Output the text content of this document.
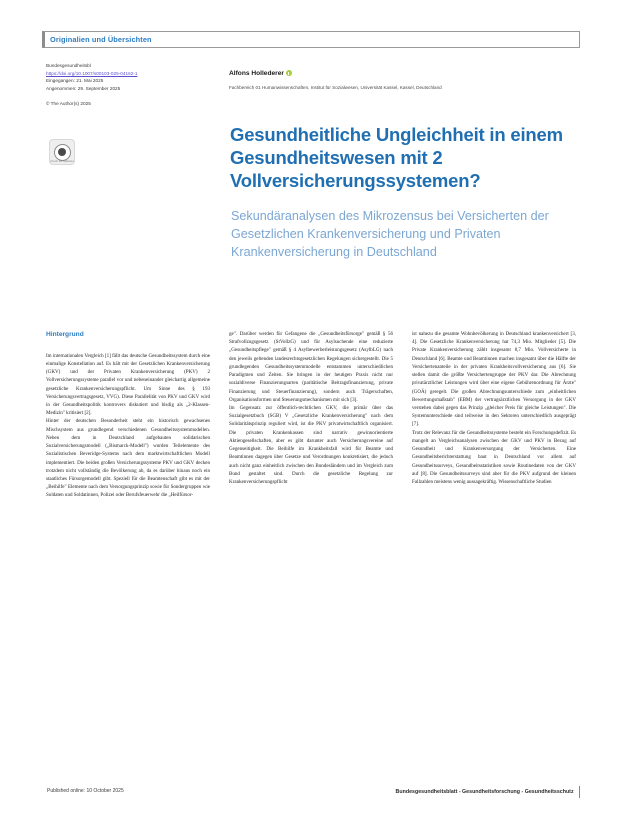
Originalien und Übersichten
Bundesgesundheitsbl
https://doi.org/10.1007/s00103-025-04162-1
Eingegangen: 21. Mai 2025
Angenommen: 29. September 2025
© The Author(s) 2025
check for updates
Alfons Hollederer
Fachbereich 01 Humanwissenschaften, Institut für Sozialwesen, Universität Kassel, Kassel, Deutschland
Gesundheitliche Ungleichheit in einem Gesundheitswesen mit 2 Vollversicherungssystemen?
Sekundäranalysen des Mikrozensus bei Versicherten der Gesetzlichen Krankenversicherung und Privaten Krankenversicherung in Deutschland
Hintergrund

Im internationalen Vergleich [1] fällt das deutsche Gesundheitssystem durch eine einmalige Konstellation auf. Es hält mit der Gesetzlichen Krankenversicherung (GKV) und der Privaten Krankenversicherung (PKV) 2 Vollversicherungssysteme parallel vor und nebeneinander gleichartig allgemeine gesetzliche Krankenversicherungspflicht. Um Sinne des § 193 Versicherungsvertragsgesetz, VVG). Diese Parallelität von PKV und GKV wird in der Gesundheitspolitik kontrovers diskutiert und bisdig als „2-Klassen-Medizin" kritisiert [2].

Hinter der deutschen Besonderheit steht ein historisch gewachsenes Mischsystem aus grundlegend verschiedenen Gesundheitssystemmodellen. Neben dem in Deutschland aufgebauten solidarischen Sozialversicherungsmodell („Bismarck-Modell") wurden Teilelemente des Sozialistischen Beveridge-Systems nach dem marktwirtschaftlichen Modell implementiert. Die beiden großen Versicherungssysteme PKV und GKV decken trotzdem nicht vollständig die Bevölkerung ab, da es darüber hinaus noch ein staatliches Fürsorgemodell gibt. Speziell für die Beamtenschaft gibt es mit der „Beihilfe" Elemente nach dem Versorgungsprinzip sowie für Sondergruppen wie Soldaten und Soldatinnen, Polizei oder Berufsfeuerwehr die „Heilfürsor-

ge". Darüber werden für Gefangene die „Gesundheitsfürsorge" gemäß § 56 Strafvollzugsgesetz (StVollzG) und für Asylsuchende eine reduzierte „Gesundheitspflege" gemäß § 4 Asylbewerberleistungsgesetz (AsylbLG) nach den jeweils geltenden landesrechtsgesetzlichen Regelungen sichergestellt. Die 5 grundlegenden Gesundheitssystemmodelle entstammen unterschiedlichen Paradigmen und Zeiten. Sie bringen in der heutigen Praxis nicht nur sozialdiverse Finanzierungsarten (paritätische Beitragsfinanzierung, private Finanzierung und Steuerfinanzierung), sondern auch Trägerschaften, Organisationsformen und Steuerungsmechanismen mit sich [3].

Im Gegensatz zur öffentlich-rechtlichen GKV, die primär über das Sozialgesetzbuch (SGB) V „Gesetzliche Krankenversicherung" nach dem Solidaritätsprinzip reguliert wird, ist die PKV privatwirtschaftlich organisiert. Die privaten Krankenkassen sind narrativ gewinnorientierte Aktiengesellschaften, aber es gibt darunter auch Versicherungsvereine auf Gegenseitigkeit. Die Beihilfe im Krankheitsfall wird für Beamte und Beamtinnen dagegen über Gesetze und Verordnungen konkretisiert, die jedoch auch nicht ganz einheitlich zwischen den Bundesländern und im Vergleich zum Bund gestaltet sind. Durch die gesetzliche Regelung zur Krankenversicherungspflicht

ist nahezu die gesamte Wohnbevölkerung in Deutschland krankenversichert [3, 4]. Die Gesetzliche Krankenversicherung hat 74,3 Mio. Mitglieder [5]. Die Private Krankenversicherung zählt insgesamt 8,7 Mio. Vollversicherte in Deutschland [6]. Beamte und Beamtinnen machen insgesamt über die Hälfte der Versichertenanteile in der privaten Krankheitsvollversicherung aus [6]. Sie stellen damit die größte Versichertengruppe der PKV dar. Die Abrechnung privatärztlicher Leistungen wird über eine eigene Gebührenordnung für Ärzte" (GOÄ) geregelt. Die großen Abrechnungsunterschiede zum „einheitlichen Bewertungsmaßstab" (EBM) der vertragsärztlichen Versorgung in der GKV verstehen dabei gegen das Prinzip „gleicher Preis für gleiche Leistungen". Die Systemunterschiede sind teilweise in den Sektoren unterschiedlich ausgeprägt [7].

Trotz der Relevanz für die Gesundheitssysteme besteht ein Forschungsdefizit. Es mangelt an Vergleichsanalysen zwischen der GKV und PKV in Bezug auf Gesundheit und Krankenversorgung der Versicherten. Eine Gesundheitsberichterstattung baut in Deutschland vor allem auf Gesundheitssurveys, Gesundheitsstatistiken sowie Routinedaten von der GKV auf [8]. Die Gesundheitssurveys sind aber für die PKV aufgrund der kleinen Fallzahlen meistens wenig aussagekräftig. Wissenschaftliche Studien

Published online: 10 October 2025	Bundesgesundheitsblatt - Gesundheitsforschung - Gesundheitsschutz
